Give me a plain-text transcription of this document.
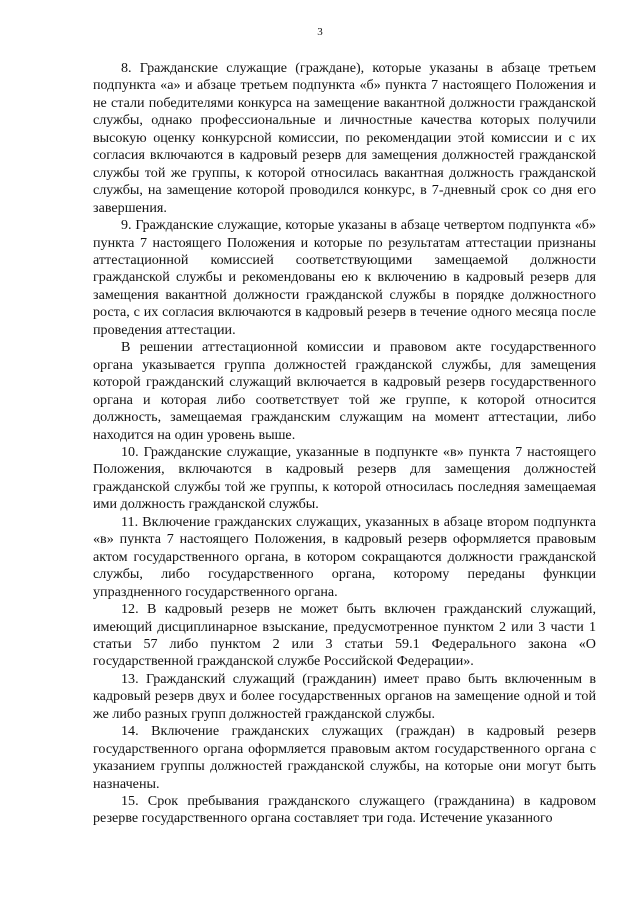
3

8. Гражданские служащие (граждане), которые указаны в абзаце третьем подпункта «а» и абзаце третьем подпункта «б» пункта 7 настоящего Положения и не стали победителями конкурса на замещение вакантной должности гражданской службы, однако профессиональные и личностные качества которых получили высокую оценку конкурсной комиссии, по рекомендации этой комиссии и с их согласия включаются в кадровый резерв для замещения должностей гражданской службы той же группы, к которой относилась вакантная должность гражданской службы, на замещение которой проводился конкурс, в 7-дневный срок со дня его завершения.

9. Гражданские служащие, которые указаны в абзаце четвертом подпункта «б» пункта 7 настоящего Положения и которые по результатам аттестации признаны аттестационной комиссией соответствующими замещаемой должности гражданской службы и рекомендованы ею к включению в кадровый резерв для замещения вакантной должности гражданской службы в порядке должностного роста, с их согласия включаются в кадровый резерв в течение одного месяца после проведения аттестации.

В решении аттестационной комиссии и правовом акте государственного органа указывается группа должностей гражданской службы, для замещения которой гражданский служащий включается в кадровый резерв государственного органа и которая либо соответствует той же группе, к которой относится должность, замещаемая гражданским служащим на момент аттестации, либо находится на один уровень выше.

10. Гражданские служащие, указанные в подпункте «в» пункта 7 настоящего Положения, включаются в кадровый резерв для замещения должностей гражданской службы той же группы, к которой относилась последняя замещаемая ими должность гражданской службы.

11. Включение гражданских служащих, указанных в абзаце втором подпункта «в» пункта 7 настоящего Положения, в кадровый резерв оформляется правовым актом государственного органа, в котором сокращаются должности гражданской службы, либо государственного органа, которому переданы функции упраздненного государственного органа.

12. В кадровый резерв не может быть включен гражданский служащий, имеющий дисциплинарное взыскание, предусмотренное пунктом 2 или 3 части 1 статьи 57 либо пунктом 2 или 3 статьи 59.1 Федерального закона «О государственной гражданской службе Российской Федерации».

13. Гражданский служащий (гражданин) имеет право быть включенным в кадровый резерв двух и более государственных органов на замещение одной и той же либо разных групп должностей гражданской службы.

14. Включение гражданских служащих (граждан) в кадровый резерв государственного органа оформляется правовым актом государственного органа с указанием группы должностей гражданской службы, на которые они могут быть назначены.

15. Срок пребывания гражданского служащего (гражданина) в кадровом резерве государственного органа составляет три года. Истечение указанного
